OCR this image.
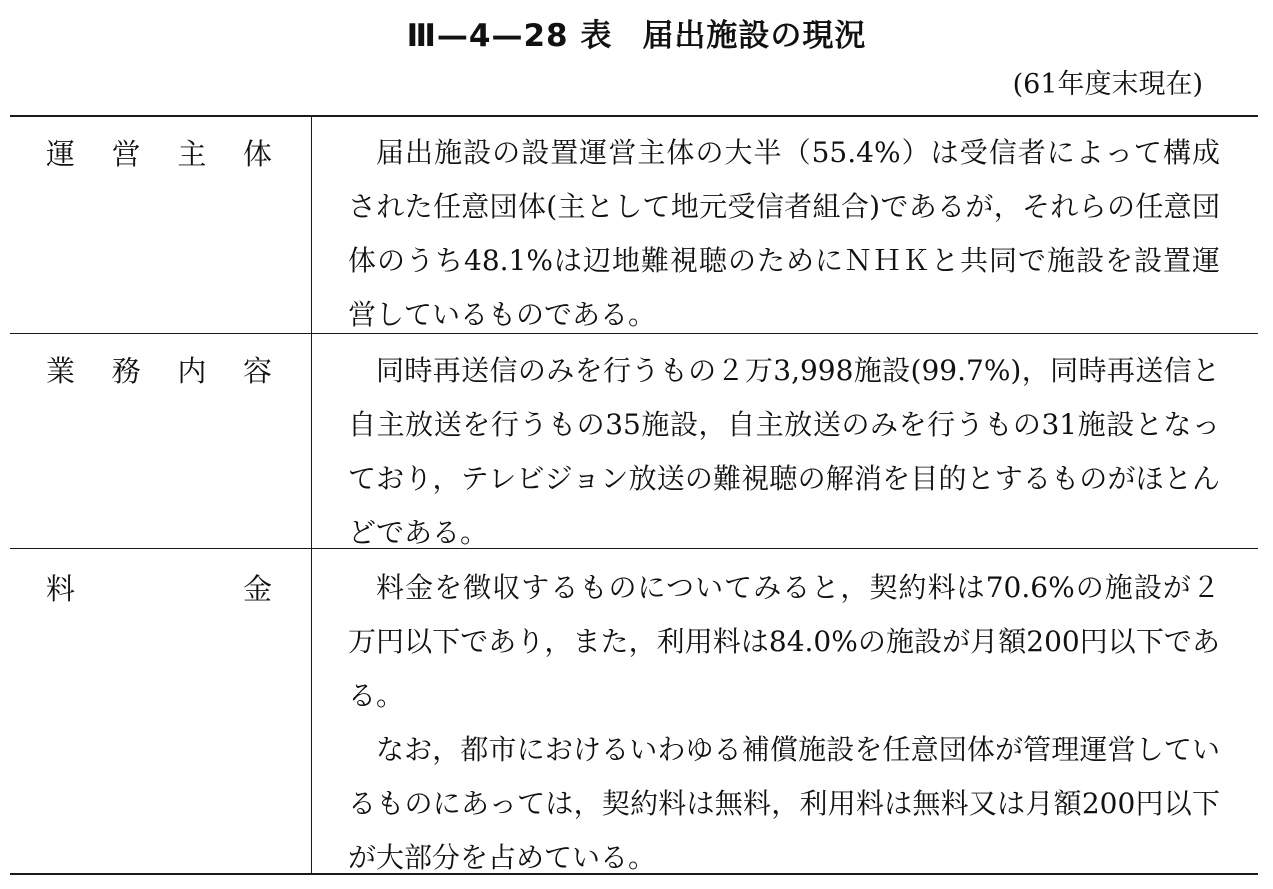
Ⅲ—4—28 表 届出施設の現況
(61年度末現在)
運営主体	届出施設の設置運営主体の大半（55.4%）は受信者によって構成された任意団体(主として地元受信者組合)であるが，それらの任意団体のうち48.1%は辺地難視聴のためにＮＨＫと共同で施設を設置運営しているものである。

業務内容	同時再送信のみを行うもの２万3,998施設(99.7%)，同時再送信と自主放送を行うもの35施設，自主放送のみを行うもの31施設となっており，テレビジョン放送の難視聴の解消を目的とするものがほとんどである。

料金	料金を徴収するものについてみると，契約料は70.6%の施設が２万円以下であり，また，利用料は84.0%の施設が月額200円以下である。

なお，都市におけるいわゆる補償施設を任意団体が管理運営しているものにあっては，契約料は無料，利用料は無料又は月額200円以下が大部分を占めている。
